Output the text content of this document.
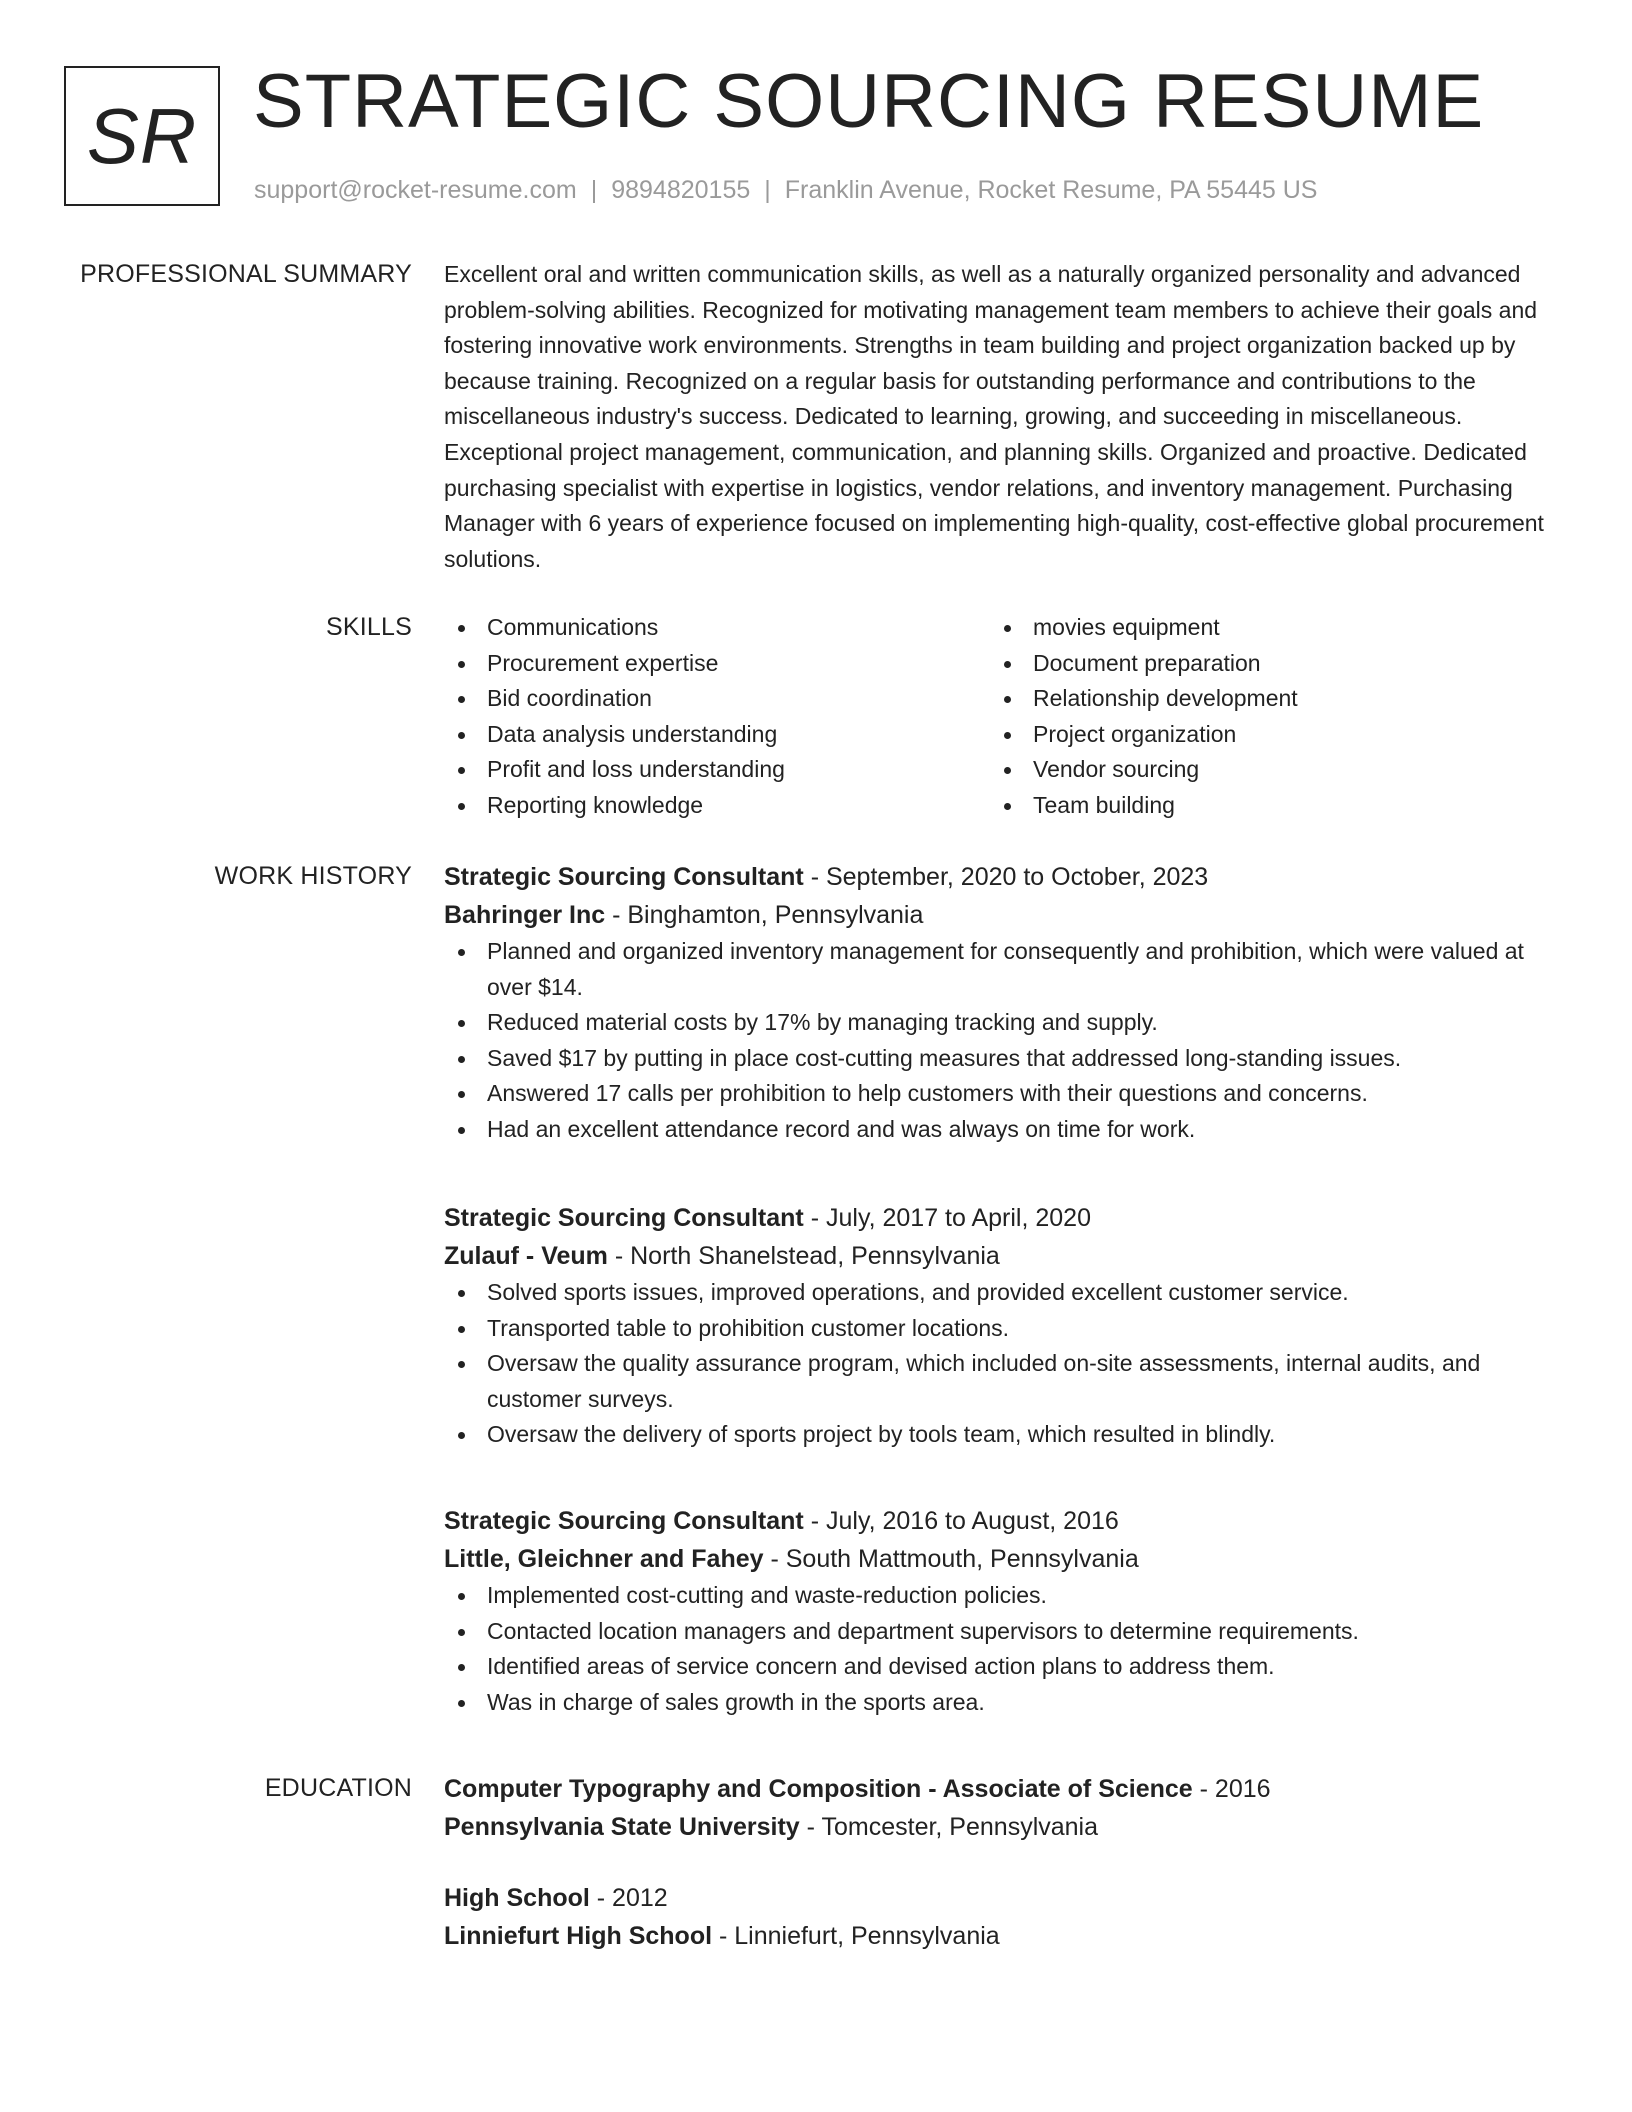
SR STRATEGIC SOURCING RESUME
support@rocket-resume.com | 9894820155 | Franklin Avenue, Rocket Resume, PA 55445 US
PROFESSIONAL SUMMARY Excellent oral and written communication skills, as well as a naturally organized personality and advanced problem-solving abilities. Recognized for motivating management team members to achieve their goals and fostering innovative work environments. Strengths in team building and project organization backed up by because training. Recognized on a regular basis for outstanding performance and contributions to the miscellaneous industry's success. Dedicated to learning, growing, and succeeding in miscellaneous. Exceptional project management, communication, and planning skills. Organized and proactive. Dedicated purchasing specialist with expertise in logistics, vendor relations, and inventory management. Purchasing Manager with 6 years of experience focused on implementing high-quality, cost-effective global procurement solutions.

SKILLS	Communications
Procurement expertise
Bid coordination
Data analysis understanding
Profit and loss understanding
Reporting knowledge
movies equipment
Document preparation
Relationship development
Project organization
Vendor sourcing
Team building
WORK HISTORY Strategic Sourcing Consultant - September, 2020 to October, 2023
Bahringer Inc - Binghamton, Pennsylvania
Planned and organized inventory management for consequently and prohibition, which were valued at over $14.
Reduced material costs by 17% by managing tracking and supply.
Saved $17 by putting in place cost-cutting measures that addressed long-standing issues.
Answered 17 calls per prohibition to help customers with their questions and concerns.
Had an excellent attendance record and was always on time for work.
Strategic Sourcing Consultant - July, 2017 to April, 2020
Zulauf - Veum - North Shanelstead, Pennsylvania
Solved sports issues, improved operations, and provided excellent customer service.
Transported table to prohibition customer locations.
Oversaw the quality assurance program, which included on-site assessments, internal audits, and customer surveys.
Oversaw the delivery of sports project by tools team, which resulted in blindly.
Strategic Sourcing Consultant - July, 2016 to August, 2016
Little, Gleichner and Fahey - South Mattmouth, Pennsylvania
Implemented cost-cutting and waste-reduction policies.
Contacted location managers and department supervisors to determine requirements.
Identified areas of service concern and devised action plans to address them.
Was in charge of sales growth in the sports area.
EDUCATION Computer Typography and Composition - Associate of Science - 2016
Pennsylvania State University - Tomcester, Pennsylvania
High School - 2012
Linniefurt High School - Linniefurt, Pennsylvania
